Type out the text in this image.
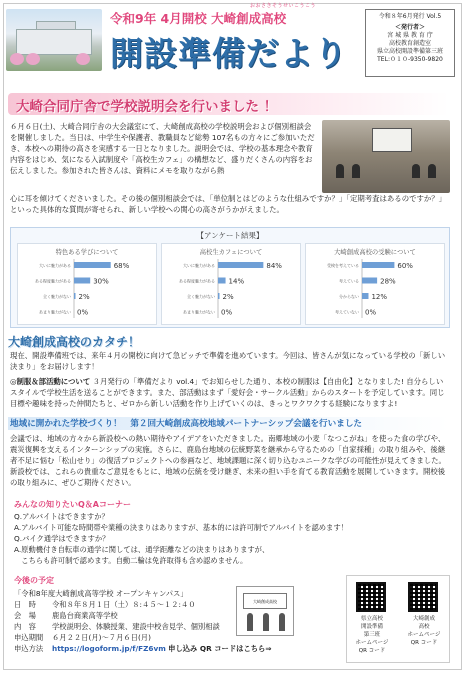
おおさきそうせいこうこう
令和9年 4月開校 大崎創成高校
開設準備だより
令和８年6月発行 Vol.5
＜発行者＞
宮 城 県 教 育 庁
高校教育創造室
県立高校開設準備第三班
TEL:０１０-9350-9820
大崎合同庁舎で学校説明会を行いました ！
６月６日(土)、大崎合同庁舎の大会議室にて、大崎創成高校の学校説明会および個別相談会を開催しました。当日は、中学生や保護者、教職員など総勢 107名もの方々にご参加いただき、本校への期待の高さを実感する一日となりました。説明会では、学校の基本理念や教育内容をはじめ、気になる入試制度や「高校生カフェ」の構想など、盛りだくさんの内容をお伝えしました。参加された皆さんは、資料にメモを取りながら熱
心に耳を傾けてくださいました。その後の個別相談会では、「単位制とはどのような仕組みですか？」「定期考査はあるのですか？」といった具体的な質問が寄せられ、新しい学校への関心の高さがうかがえました。
【アンケート結果】
特色ある学びについて
大いに魅力がある	68%
ある程度魅力がある	30%
全く魅力がない 2%
あまり魅力がない 0%
高校生カフェについて
大いに魅力がある	84%
ある程度魅力がある 14%
全く魅力がない 2%
あまり魅力がない 0%
大崎創成高校の受験について
受検を考えている	60%
考えている	28%
分からない 12%
考えていない 0%
大崎創成高校のカタチ！
現在、開設準備班では、来年４月の開校に向けて急ピッチで準備を進めています。今回は、皆さんが気になっている学校の「新しい決まり」をお届けします！
◎制服＆部活動について ３月発行の「準備だより vol.4」でお知らせした通り、本校の制服は【自由化】となりました! 自分らしいスタイルで学校生活を送ることができます。また、部活動はまず「愛好会・サークル活動」からのスタートを予定しています。同じ目標や趣味を持った仲間たちと、ゼロから新しい活動を作り上げていくのは、きっとワクワクする経験になりますよ!
地域に開かれた学校づくり！　第２回大崎創成高校地域パートナーシップ会議を行いました
会議では、地域の方々から新設校への熱い期待やアイデアをいただきました。南郷地域の小麦「なつこがね」を使った食の学びや、震災復興を支えるインターンシップの実施。さらに、鹿島台地域の伝統野菜を継承から守るための「自家採種」の取り組みや、後継者不足に悩む「松山せり」の復活プロジェクトへの参画など、地域課題に深く切り込むユニークな学びの可能性が見えてきました。新設校では、これらの貴重なご意見をもとに、地域の伝統を受け継ぎ、未来の担い手を育てる教育活動を展開していきます。開校後の取り組みに、ぜひご期待ください。
みんなの知りたいQ＆Aコーナー
Q.アルバイトはできますか？
A.アルバイト可能な時間帯や業種の決まりはありますが、基本的には許可制でアルバイトを認めます！
Q.バイク通学はできますか？
A.原動機付き自転車の通学に関しては、通学距離などの決まりはありますが、
　こちらも許可制で認めます。自動二輪は免許取得も含め認めません。
今後の予定
「令和8年度大崎創成高等学校 オープンキャンパス」
日　時 令和８年８月１日（土）８:４５～１２:４０
会　場 鹿島台商業高等学校
内　容 学校説明会、体験授業、建設中校舎見学、個別相談
申込期間 ６月２２日(月)～７月６日(月)
申込方法 https://logoform.jp/f/FZ6vm 申し込み QR コードはこちら⇒
大崎創成高校
県立高校
開設準備
第三班
ホームページ
QR コード
大崎創成
高校
ホームページ
QR コード
